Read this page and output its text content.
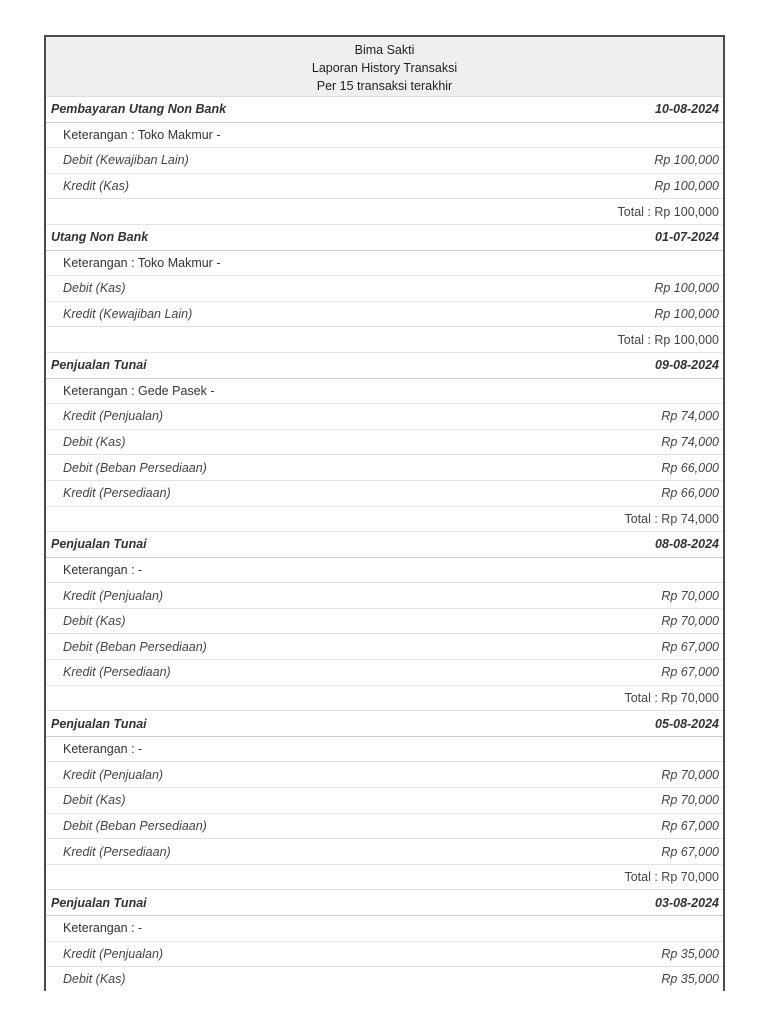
Bima Sakti
Laporan History Transaksi
Per 15 transaksi terakhir
Pembayaran Utang Non Bank	10-08-2024
Keterangan : Toko Makmur -
Debit (Kewajiban Lain)	Rp 100,000
Kredit (Kas)	Rp 100,000
Total : Rp 100,000
Utang Non Bank	01-07-2024
Keterangan : Toko Makmur -
Debit (Kas)	Rp 100,000
Kredit (Kewajiban Lain)	Rp 100,000
Total : Rp 100,000
Penjualan Tunai	09-08-2024
Keterangan : Gede Pasek -
Kredit (Penjualan)	Rp 74,000
Debit (Kas)	Rp 74,000
Debit (Beban Persediaan)	Rp 66,000
Kredit (Persediaan)	Rp 66,000
Total : Rp 74,000
Penjualan Tunai	08-08-2024
Keterangan : -
Kredit (Penjualan)	Rp 70,000
Debit (Kas)	Rp 70,000
Debit (Beban Persediaan)	Rp 67,000
Kredit (Persediaan)	Rp 67,000
Total : Rp 70,000
Penjualan Tunai	05-08-2024
Keterangan : -
Kredit (Penjualan)	Rp 70,000
Debit (Kas)	Rp 70,000
Debit (Beban Persediaan)	Rp 67,000
Kredit (Persediaan)	Rp 67,000
Total : Rp 70,000
Penjualan Tunai	03-08-2024
Keterangan : -
Kredit (Penjualan)	Rp 35,000
Debit (Kas)	Rp 35,000
